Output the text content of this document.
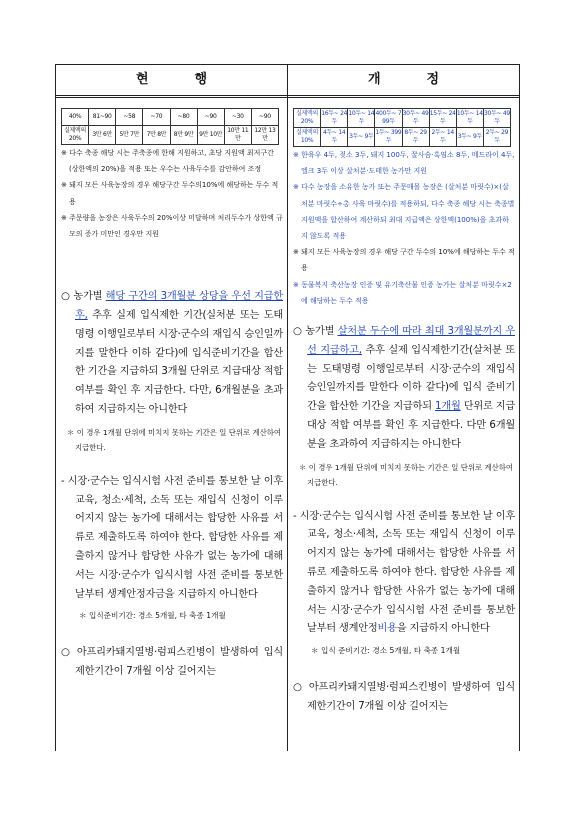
현행	개정
40%	81~90	~58	~70	~80	~90	~30	~90
실제액의 20%	3만 6만	5만 7만	7만 8만	8만 9만	9만 10만	10만 11만	12만 13만
※ 다수 축종 해당 시는 주축종에 한해 지원하고, 초당 지원액 최저구간(상한액의 20%)을 적용 또는 우수는 사육두수를 감안하여 조정
※ 돼지 모든 사육농장의 경우 해당구간 두수의10%에 해당하는 두수 적용
※ 주문량을 농장은 사육두수의 20%이상 미달하며 처리두수가 상한액 규모의 증가 미만인 경우만 지원
○ 농가별 해당 구간의 3개월분 상당을 우선 지급한 후, 추후 실제 입식제한 기간(실처분 또는 도태명령 이행일로부터 시장·군수의 재입식 승인일까지를 말한다 이하 같다)에 입식준비기간을 합산한 기간을 지급하되 3개월 단위로 지급대상 적합여부를 확인 후 지급한다. 다만, 6개월분을 초과하여 지급하지는 아니한다
＊ 이 경우 1개월 단위에 미치지 못하는 기간은 일 단위로 계산하여 지급한다.
- 시장·군수는 입식시험 사전 준비를 통보한 날 이후 교육, 청소·세척, 소독 또는 재입식 신청이 이루어지지 않는 농가에 대해서는 합당한 사유를 서류로 제출하도록 하여야 한다. 합당한 사유를 제출하지 않거나 합당한 사유가 없는 농가에 대해서는 시장·군수가 입식시험 사전 준비를 통보한 날부터 생계안정자금을 지급하지 아니한다
＊ 입식준비기간: 경소 5개월, 타 축종 1개월
○ 아프리카돼지열병·럼피스킨병이 발생하여 입식제한기간이 7개월 이상 길어지는
실제액의 20%	16두~ 24두	10두~ 14두	400두~ 799두	30두~ 49두	15두~ 24두	10두~ 14두	30두~ 49두
실제액의 10%	4두~ 14두	3두~ 9두	1두~ 399두	8두~ 29두	2두~ 14두	3두~ 9두	2두~ 29두
※ 한육우 4두, 젖소 3두, 돼지 100두, 꿀사슴·흑염소 8두, 메드라이 4두, 엘크 3두 이상 살처분·도태한 농가만 지원
※ 다수 농장을 소유한 농가 또는 주문매몰 농장은 (살처분 마릿수)×(살처분 마릿수÷총 사육 마릿수)를 적용하되, 다수 축종 해당 시는 축종별 지원액을 합산하여 계산하되 최대 지급액은 상한액(100%)을 초과하지 않도록 적용
※ 돼지 모든 사육농장의 경우 해당 구간 두수의 10%에 해당하는 두수 적용
※ 동물복지 축산농장 인증 및 유기축산물 인증 농가는 살처분 마릿수×2에 해당하는 두수 적용
○ 농가별 살처분 두수에 따라 최대 3개월분까지 우선 지급하고, 추후 실제 입식제한기간(살처분 또는 도태명령 이행일로부터 시장·군수의 재입식 승인일까지를 말한다 이하 같다)에 입식 준비기간을 합산한 기간을 지급하되 1개월 단위로 지급대상 적합 여부를 확인 후 지급한다. 다만 6개월분을 초과하여 지급하지는 아니한다
＊ 이 경우 1개월 단위에 미치지 못하는 기간은 일 단위로 계산하여 지급한다.
- 시장·군수는 입식시험 사전 준비를 통보한 날 이후 교육, 청소·세척, 소독 또는 재입식 신청이 이루어지지 않는 농가에 대해서는 합당한 사유를 서류로 제출하도록 하여야 한다. 합당한 사유를 제출하지 않거나 합당한 사유가 없는 농가에 대해서는 시장·군수가 입식시험 사전 준비를 통보한 날부터 생계안정비용을 지급하지 아니한다
＊ 입식 준비기간: 경소 5개월, 타 축종 1개월
○ 아프리카돼지열병·럼피스킨병이 발생하여 입식 제한기간이 7개월 이상 길어지는
